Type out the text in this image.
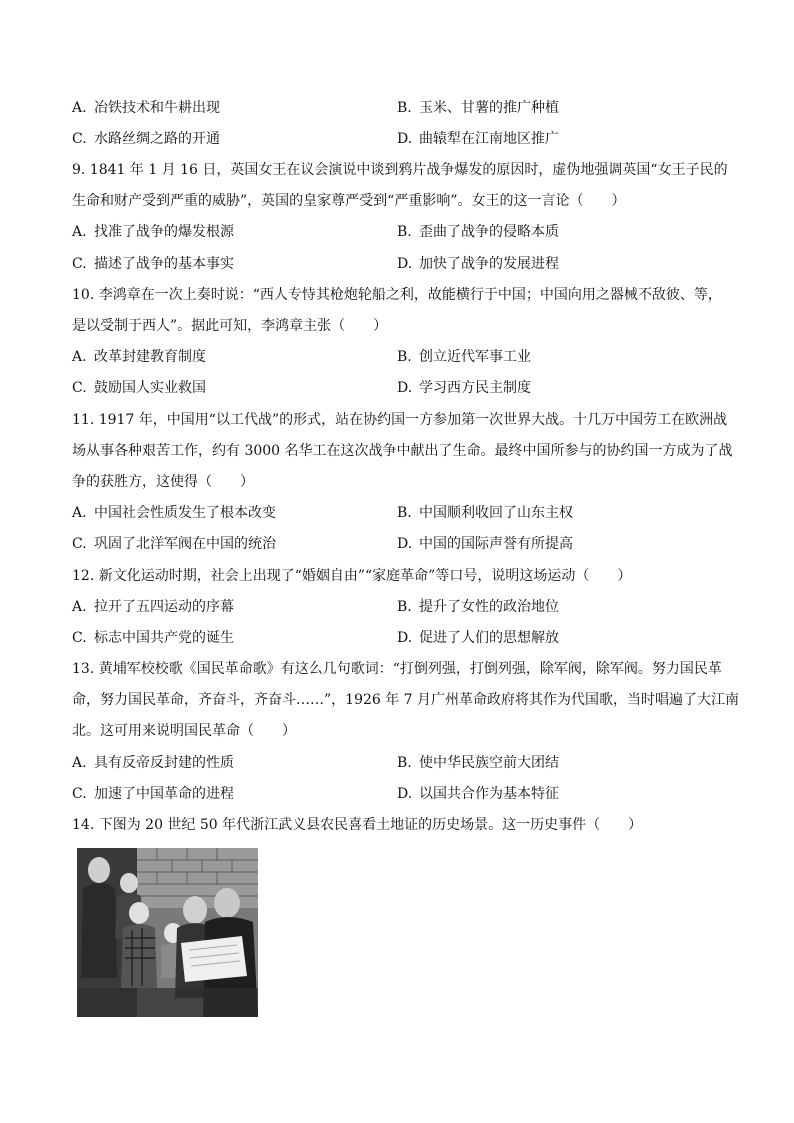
A. 冶铁技术和牛耕出现	B. 玉米、甘薯的推广种植
C. 水路丝绸之路的开通	D. 曲辕犁在江南地区推广
9. 1841 年 1 月 16 日，英国女王在议会演说中谈到鸦片战争爆发的原因时，虚伪地强调英国“女王子民的
生命和财产受到严重的威胁”，英国的皇家尊严受到“严重影响”。女王的这一言论（　　）
A. 找准了战争的爆发根源	B. 歪曲了战争的侵略本质
C. 描述了战争的基本事实	D. 加快了战争的发展进程
10. 李鸿章在一次上奏时说：“西人专恃其枪炮轮船之利，故能横行于中国；中国向用之器械不敌彼、等，
是以受制于西人”。据此可知，李鸿章主张（　　）
A. 改革封建教育制度	B. 创立近代军事工业
C. 鼓励国人实业救国	D. 学习西方民主制度
11. 1917 年，中国用“以工代战”的形式，站在协约国一方参加第一次世界大战。十几万中国劳工在欧洲战
场从事各种艰苦工作，约有 3000 名华工在这次战争中献出了生命。最终中国所参与的协约国一方成为了战
争的获胜方，这使得（　　）
A. 中国社会性质发生了根本改变	B. 中国顺利收回了山东主权
C. 巩固了北洋军阀在中国的统治	D. 中国的国际声誉有所提高
12. 新文化运动时期，社会上出现了“婚姻自由”“家庭革命”等口号，说明这场运动（　　）
A. 拉开了五四运动的序幕	B. 提升了女性的政治地位
C. 标志中国共产党的诞生	D. 促进了人们的思想解放
13. 黄埔军校校歌《国民革命歌》有这么几句歌词：“打倒列强，打倒列强，除军阀，除军阀。努力国民革
命，努力国民革命，齐奋斗，齐奋斗……”，1926 年 7 月广州革命政府将其作为代国歌，当时唱遍了大江南
北。这可用来说明国民革命（　　）
A. 具有反帝反封建的性质	B. 使中华民族空前大团结
C. 加速了中国革命的进程	D. 以国共合作为基本特征
14. 下图为 20 世纪 50 年代浙江武义县农民喜看土地证的历史场景。这一历史事件（　　）
